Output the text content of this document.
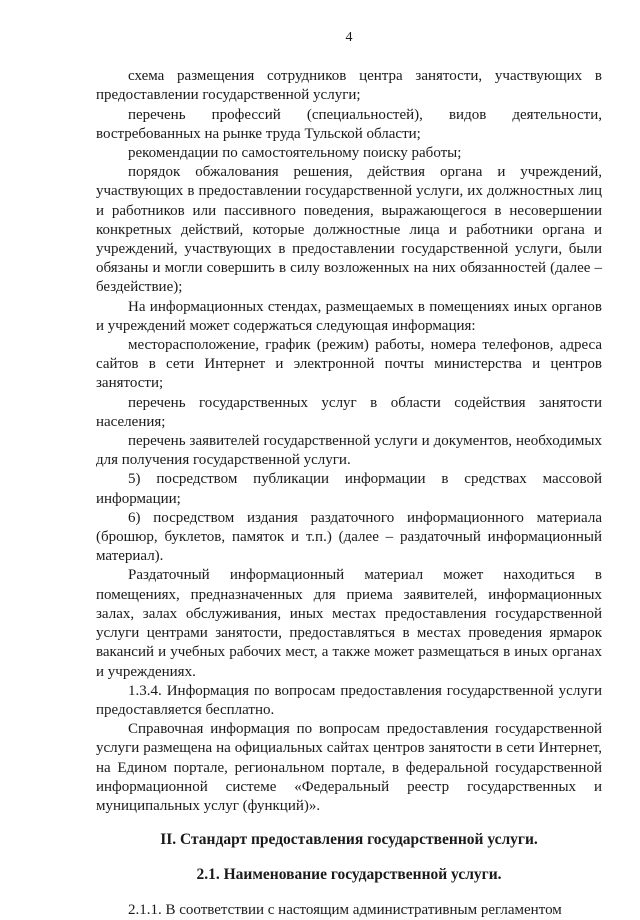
4

схема размещения сотрудников центра занятости, участвующих в предоставлении государственной услуги;

перечень профессий (специальностей), видов деятельности, востребованных на рынке труда Тульской области;

рекомендации по самостоятельному поиску работы;

порядок обжалования решения, действия органа и учреждений, участвующих в предоставлении государственной услуги, их должностных лиц и работников или пассивного поведения, выражающегося в несовершении конкретных действий, которые должностные лица и работники органа и учреждений, участвующих в предоставлении государственной услуги, были обязаны и могли совершить в силу возложенных на них обязанностей (далее – бездействие);

На информационных стендах, размещаемых в помещениях иных органов и учреждений может содержаться следующая информация:

месторасположение, график (режим) работы, номера телефонов, адреса сайтов в сети Интернет и электронной почты министерства и центров занятости;

перечень государственных услуг в области содействия занятости населения;

перечень заявителей государственной услуги и документов, необходимых для получения государственной услуги.

5) посредством публикации информации в средствах массовой информации;

6) посредством издания раздаточного информационного материала (брошюр, буклетов, памяток и т.п.) (далее – раздаточный информационный материал).

Раздаточный информационный материал может находиться в помещениях, предназначенных для приема заявителей, информационных залах, залах обслуживания, иных местах предоставления государственной услуги центрами занятости, предоставляться в местах проведения ярмарок вакансий и учебных рабочих мест, а также может размещаться в иных органах и учреждениях.

1.3.4. Информация по вопросам предоставления государственной услуги предоставляется бесплатно.

Справочная информация по вопросам предоставления государственной услуги размещена на официальных сайтах центров занятости в сети Интернет, на Едином портале, региональном портале, в федеральной государственной информационной системе «Федеральный реестр государственных и муниципальных услуг (функций)».

II. Стандарт предоставления государственной услуги.

2.1. Наименование государственной услуги.

2.1.1. В соответствии с настоящим административным регламентом
